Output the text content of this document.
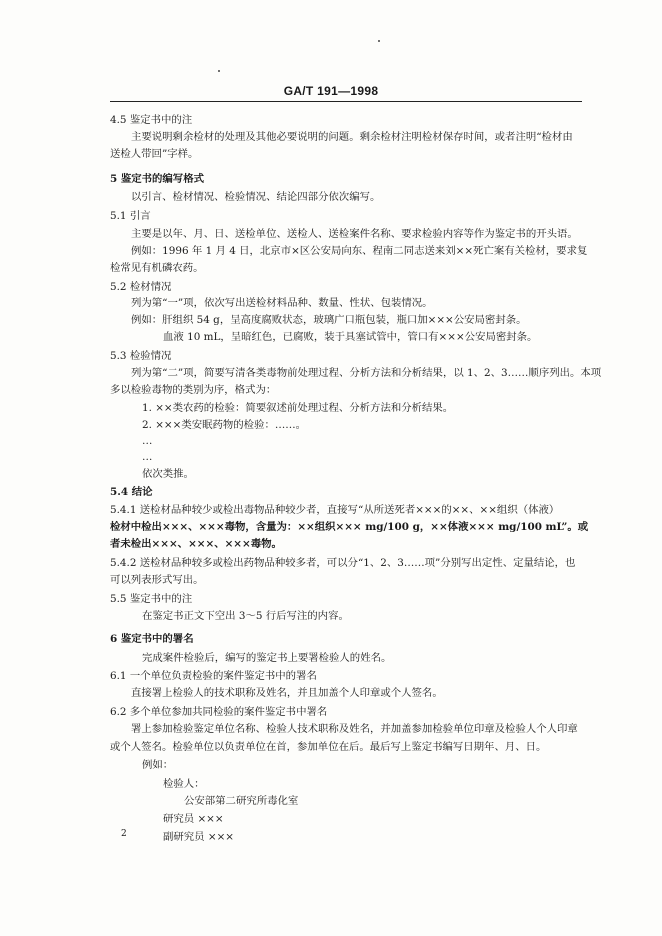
GA/T 191—1998
4.5 鉴定书中的注
主要说明剩余检材的处理及其他必要说明的问题。剩余检材注明检材保存时间，或者注明“检材由
送检人带回”字样。
5 鉴定书的编写格式
以引言、检材情况、检验情况、结论四部分依次编写。
5.1 引言
主要是以年、月、日、送检单位、送检人、送检案件名称、要求检验内容等作为鉴定书的开头语。
例如：1996 年 1 月 4 日，北京市×区公安局向东、程南二同志送来刘××死亡案有关检材，要求复
检常见有机磷农药。
5.2 检材情况
列为第“一”项，依次写出送检材料品种、数量、性状、包装情况。
例如：肝组织 54 g，呈高度腐败状态，玻璃广口瓶包装，瓶口加×××公安局密封条。
血液 10 mL，呈暗红色，已腐败，装于具塞试管中，管口有×××公安局密封条。
5.3 检验情况
列为第“二”项，简要写清各类毒物前处理过程、分析方法和分析结果，以 1、2、3……顺序列出。本项
多以检验毒物的类别为序，格式为：
1. ××类农药的检验：简要叙述前处理过程、分析方法和分析结果。
2. ×××类安眠药物的检验：……。
…
…
依次类推。
5.4 结论
5.4.1 送检材品种较少或检出毒物品种较少者，直接写“从所送死者×××的××、××组织（体液）
检材中检出×××、×××毒物，含量为：××组织××× mg/100 g，××体液××× mg/100 mL”。或
者未检出×××、×××、×××毒物。
5.4.2 送检材品种较多或检出药物品种较多者，可以分“1、2、3……项”分别写出定性、定量结论，也
可以列表形式写出。
5.5 鉴定书中的注
在鉴定书正文下空出 3～5 行后写注的内容。
6 鉴定书中的署名
完成案件检验后，编写的鉴定书上要署检验人的姓名。
6.1 一个单位负责检验的案件鉴定书中的署名
直接署上检验人的技术职称及姓名，并且加盖个人印章或个人签名。
6.2 多个单位参加共同检验的案件鉴定书中署名
署上参加检验鉴定单位名称、检验人技术职称及姓名，并加盖参加检验单位印章及检验人个人印章
或个人签名。检验单位以负责单位在首，参加单位在后。最后写上鉴定书编写日期年、月、日。
例如：
检验人：
公安部第二研究所毒化室
研究员 ×××
副研究员 ×××
2
